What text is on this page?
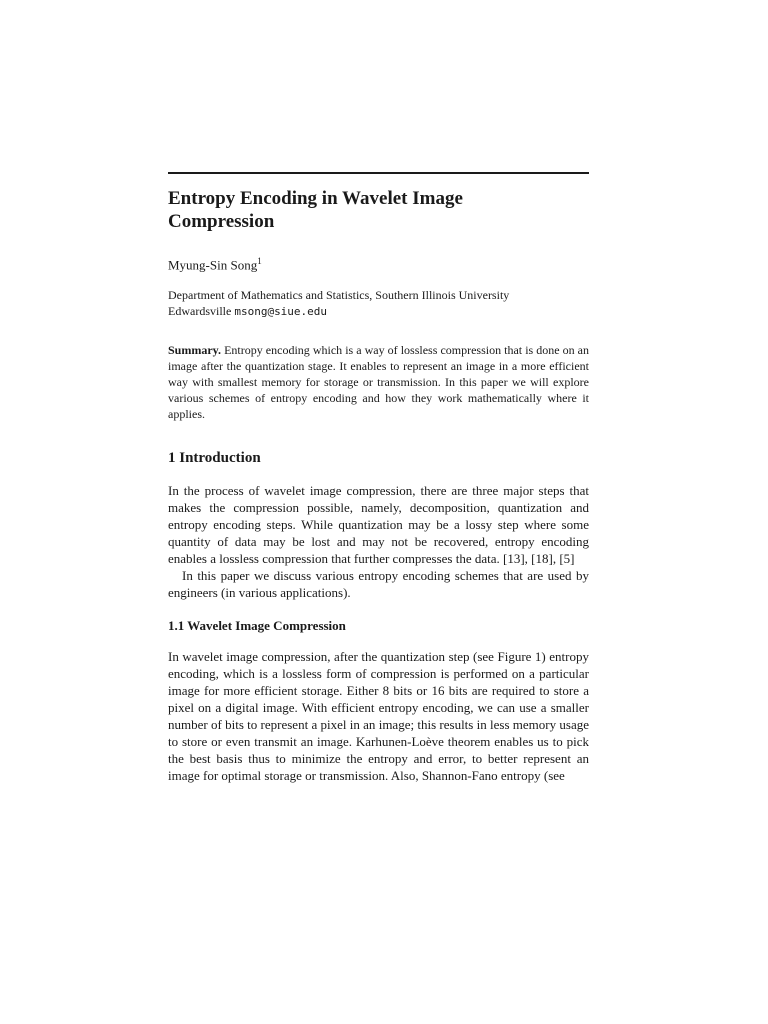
Entropy Encoding in Wavelet Image Compression
Myung-Sin Song$^1$
Department of Mathematics and Statistics, Southern Illinois University
Edwardsville msong@siue.edu

Summary. Entropy encoding which is a way of lossless compression that is done on an image after the quantization stage. It enables to represent an image in a more efficient way with smallest memory for storage or transmission. In this paper we will explore various schemes of entropy encoding and how they work mathematically where it applies.

1 Introduction

In the process of wavelet image compression, there are three major steps that makes the compression possible, namely, decomposition, quantization and entropy encoding steps. While quantization may be a lossy step where some quantity of data may be lost and may not be recovered, entropy encoding enables a lossless compression that further compresses the data. [13], [18], [5]

In this paper we discuss various entropy encoding schemes that are used by engineers (in various applications).

1.1 Wavelet Image Compression

In wavelet image compression, after the quantization step (see Figure 1) entropy encoding, which is a lossless form of compression is performed on a particular image for more efficient storage. Either 8 bits or 16 bits are required to store a pixel on a digital image. With efficient entropy encoding, we can use a smaller number of bits to represent a pixel in an image; this results in less memory usage to store or even transmit an image. Karhunen-Loève theorem enables us to pick the best basis thus to minimize the entropy and error, to better represent an image for optimal storage or transmission. Also, Shannon-Fano entropy (see
